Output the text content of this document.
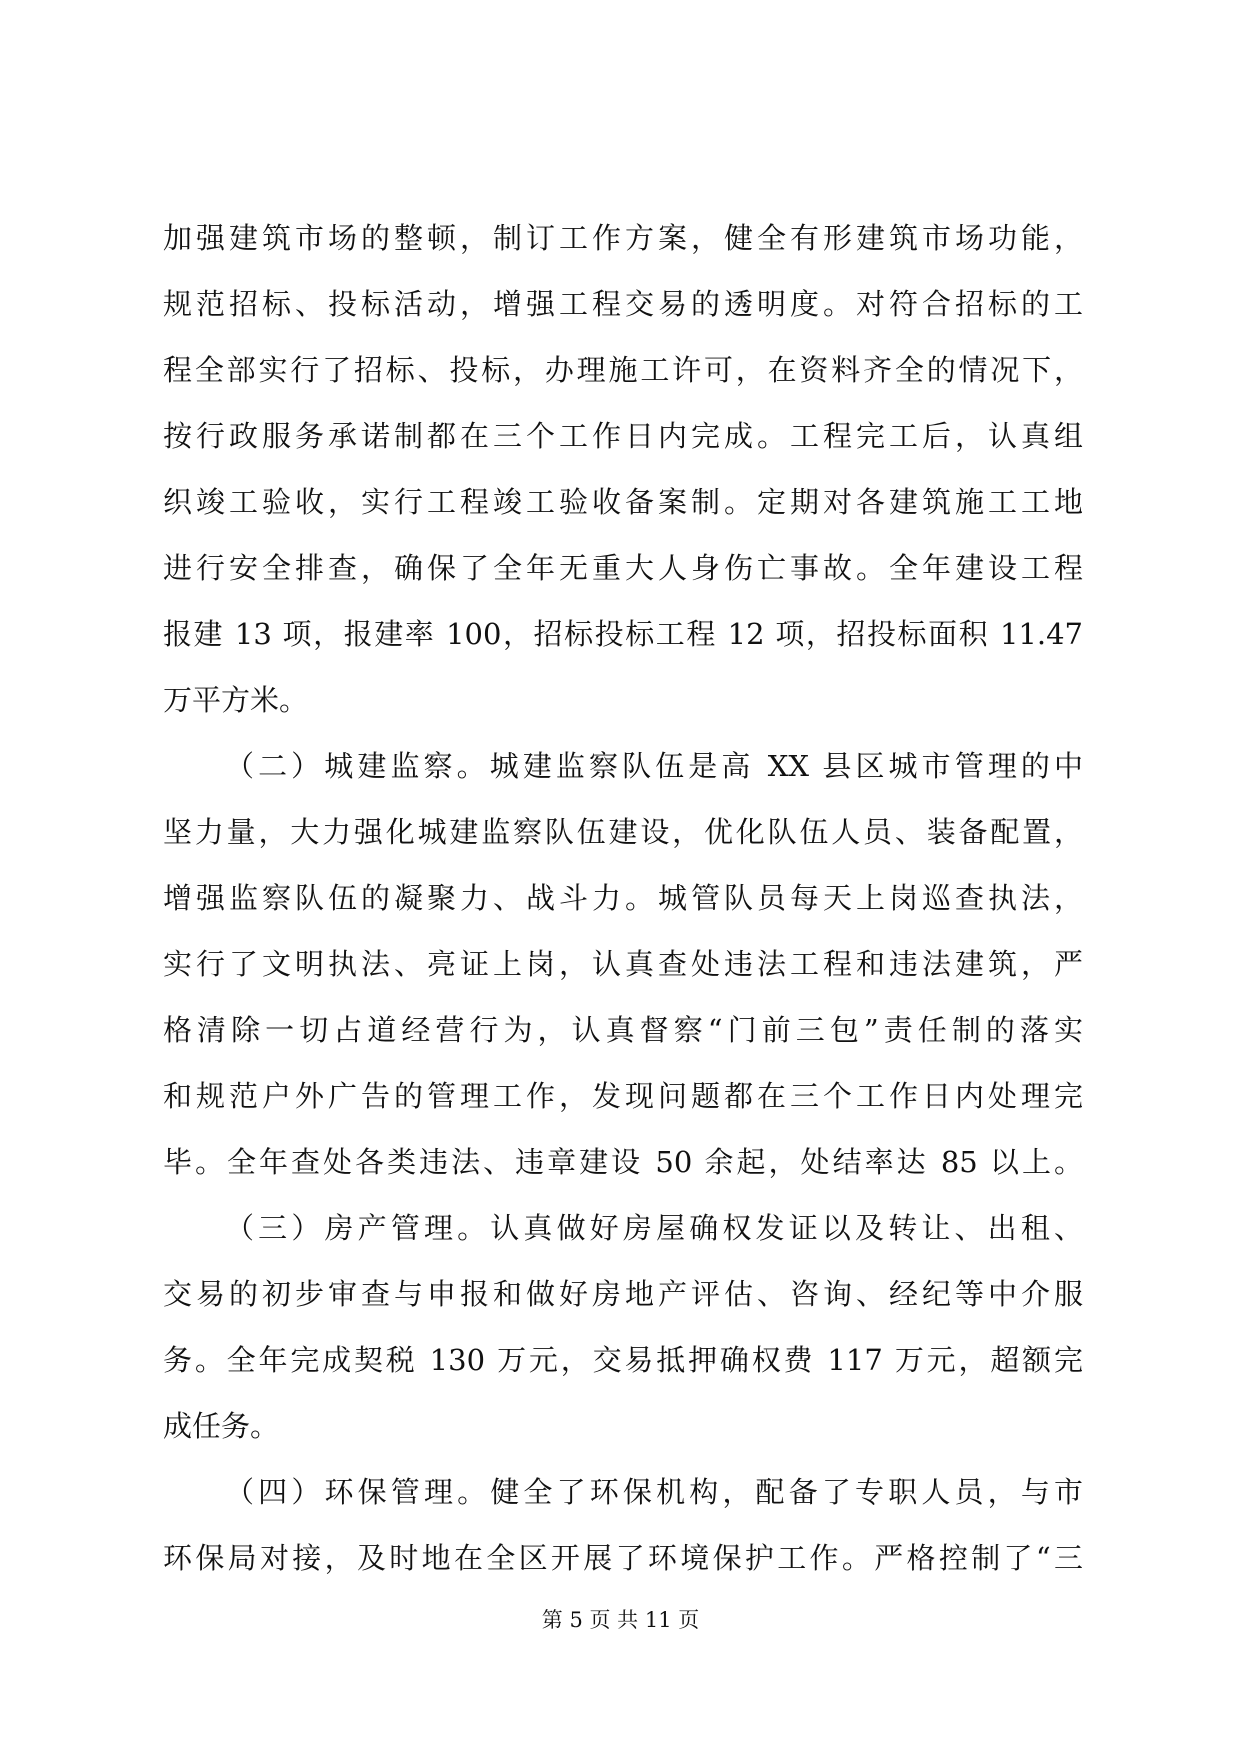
加强建筑市场的整顿，制订工作方案，健全有形建筑市场功能，
规范招标、投标活动，增强工程交易的透明度。对符合招标的工
程全部实行了招标、投标，办理施工许可，在资料齐全的情况下，
按行政服务承诺制都在三个工作日内完成。工程完工后，认真组
织竣工验收，实行工程竣工验收备案制。定期对各建筑施工工地
进行安全排查，确保了全年无重大人身伤亡事故。全年建设工程
报建 13 项，报建率 100，招标投标工程 12 项，招投标面积 11.47
万平方米。
（二）城建监察。城建监察队伍是高 XX 县区城市管理的中
坚力量，大力强化城建监察队伍建设，优化队伍人员、装备配置，
增强监察队伍的凝聚力、战斗力。城管队员每天上岗巡查执法，
实行了文明执法、亮证上岗，认真查处违法工程和违法建筑，严
格清除一切占道经营行为，认真督察“门前三包”责任制的落实
和规范户外广告的管理工作，发现问题都在三个工作日内处理完
毕。全年查处各类违法、违章建设 50 余起，处结率达 85 以上。
（三）房产管理。认真做好房屋确权发证以及转让、出租、
交易的初步审查与申报和做好房地产评估、咨询、经纪等中介服
务。全年完成契税 130 万元，交易抵押确权费 117 万元，超额完
成任务。
（四）环保管理。健全了环保机构，配备了专职人员，与市
环保局对接，及时地在全区开展了环境保护工作。严格控制了“三
第 5 页 共 11 页
